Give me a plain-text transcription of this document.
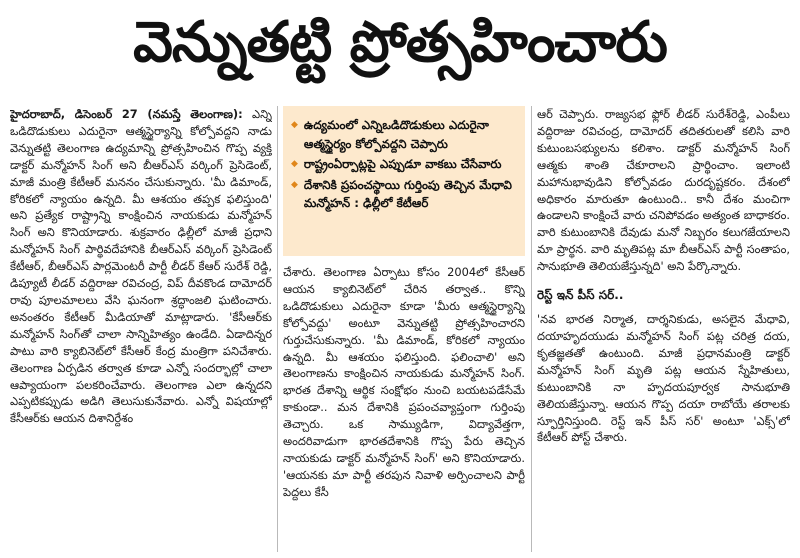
వెన్నుతట్టి ప్రోత్సహించారు

హైదరాబాద్, డిసెంబర్ 27 (నమస్తే తెలంగాణ): ఎన్ని ఒడిదొడుకులు ఎదురైనా ఆత్మస్థైర్యాన్ని కోల్పోవద్దని నాడు వెన్నుతట్టి తెలంగాణ ఉద్యమాన్ని ప్రోత్సహించిన గొప్ప వ్యక్తి డాక్టర్ మన్మోహన్ సింగ్ అని బీఆర్ఎస్ వర్కింగ్ ప్రెసిడెంట్, మాజీ మంత్రి కేటీఆర్ మననం చేసుకున్నారు. 'మీ డిమాండ్, కోరికలో న్యాయం ఉన్నది. మీ ఆశయం తప్పక ఫలిస్తుంది' అని ప్రత్యేక రాష్ట్రాన్ని కాంక్షించిన నాయకుడు మన్మోహన్ సింగ్ అని కొనియాడారు. శుక్రవారం ఢిల్లీలో మాజీ ప్రధాని మన్మోహన్ సింగ్ పార్థివదేహానికి బీఆర్ఎస్ వర్కింగ్ ప్రెసిడెంట్ కేటీఆర్, బీఆర్ఎస్ పార్లమెంటరీ పార్టీ లీడర్ కేఆర్ సురేశ్ రెడ్డి, డిప్యూటీ లీడర్ వద్దిరాజు రవిచంద్ర, విప్ దీవకొండ దామోదర్ రావు పూలమాలలు వేసి ఘనంగా శ్రద్ధాంజలి ఘటించారు. అనంతరం కేటీఆర్ మీడియాతో మాట్లాడారు. 'కేసీఆర్‌కు మన్మోహన్ సింగ్‌తో చాలా సాన్నిహిత్యం ఉండేది. ఏడాదిన్నర పాటు వారి క్యాబినెట్‌లో కేసీఆర్ కేంద్ర మంత్రిగా పనిచేశారు. తెలంగాణ ఏర్పడిన తర్వాత కూడా ఎన్నో సందర్భాల్లో చాలా ఆప్యాయంగా పలకరించేవారు. తెలంగాణ ఎలా ఉన్నదని ఎప్పటికప్పుడు అడిగి తెలుసుకునేవారు. ఎన్నో విషయాల్లో కేసీఆర్‌కు ఆయన దిశానిర్దేశం

◆ ఉద్యమంలో ఎన్నిఒడిదొడుకులు ఎదురైనా ఆత్మస్థైర్యం కోల్పోవద్దని చెప్పారు
◆ రాష్ట్రంఏర్పాట్లపై ఎప్పుడూ వాకబు చేసేవారు
◆ దేశానికి ప్రపంచస్థాయి గుర్తింపు తెచ్చిన మేధావి మన్మోహన్ : ఢిల్లీలో కేటీఆర్

చేశారు. తెలంగాణ ఏర్పాటు కోసం 2004లో కేసీఆర్ ఆయన క్యాబినెట్‌లో చేరిన తర్వాత.. కొన్ని ఒడిదొడుకులు ఎదురైనా కూడా 'మీరు ఆత్మస్థైర్యాన్ని కోల్పోవద్దు' అంటూ వెన్నుతట్టి ప్రోత్సహించారని గుర్తుచేసుకున్నారు. 'మీ డిమాండ్, కోరికలో న్యాయం ఉన్నది. మీ ఆశయం ఫలిస్తుంది. ఫలించాలి' అని తెలంగాణను కాంక్షించిన నాయకుడు మన్మోహన్ సింగ్. భారత దేశాన్ని ఆర్థిక సంక్షోభం నుంచి బయటపడేసేమే కాకుండా.. మన దేశానికి ప్రపంచవ్యాప్తంగా గుర్తింపు తెచ్చారు. ఒక సామ్యుడిగా, విద్యావేత్తగా, అందరివాడుగా భారతదేశానికి గొప్ప పేరు తెచ్చిన నాయకుడు డాక్టర్ మన్మోహన్ సింగ్' అని కొనియాడారు. 'ఆయనకు మా పార్టీ తరపున నివాళి అర్పించాలని పార్టీ పెద్దలు కేసీ

ఆర్ చెప్పారు. రాజ్యసభ ఫ్లోర్ లీడర్ సురేశ్‌రెడ్డి, ఎంపీలు వద్దిరాజు రవిచంద్ర, దామోదర్ తదితరులతో కలిసి వారి కుటుంబసభ్యులను కలిశాం. డాక్టర్ మన్మోహన్ సింగ్ ఆత్మకు శాంతి చేకూరాలని ప్రార్థించాం. ఇలాంటి మహానుభావుడిని కోల్పోవడం దురదృష్టకరం. దేశంలో అధికారం మారుతూ ఉంటుంది.. కానీ దేశం మంచిగా ఉండాలని కాంక్షించే వారు చనిపోవడం అత్యంత బాధాకరం. వారి కుటుంబానికి దేవుడు మనో నిబ్బరం కలుగజేయాలని మా ప్రార్థన. వారి మృతిపట్ల మా బీఆర్ఎస్ పార్టీ సంతాపం, సానుభూతి తెలియజేస్తున్నది' అని పేర్కొన్నారు.

రెస్ట్ ఇన్ పీస్ సర్..

'నవ భారత నిర్మాత, దార్శనికుడు, అసలైన మేధావి, దయాహృదయుడు మన్మోహన్ సింగ్ పట్ల చరిత్ర దయ, కృతజ్ఞతతో ఉంటుంది. మాజీ ప్రధానమంత్రి డాక్టర్ మన్మోహన్ సింగ్ మృతి పట్ల ఆయన స్నేహితులు, కుటుంబానికి నా హృదయపూర్వక సానుభూతి తెలియజేస్తున్నా. ఆయన గొప్ప దయా రాబోయే తరాలకు స్ఫూర్తినిస్తుంది. రెస్ట్ ఇన్ పీస్ సర్' అంటూ 'ఎక్స్'లో కేటీఆర్ పోస్ట్ చేశారు.
